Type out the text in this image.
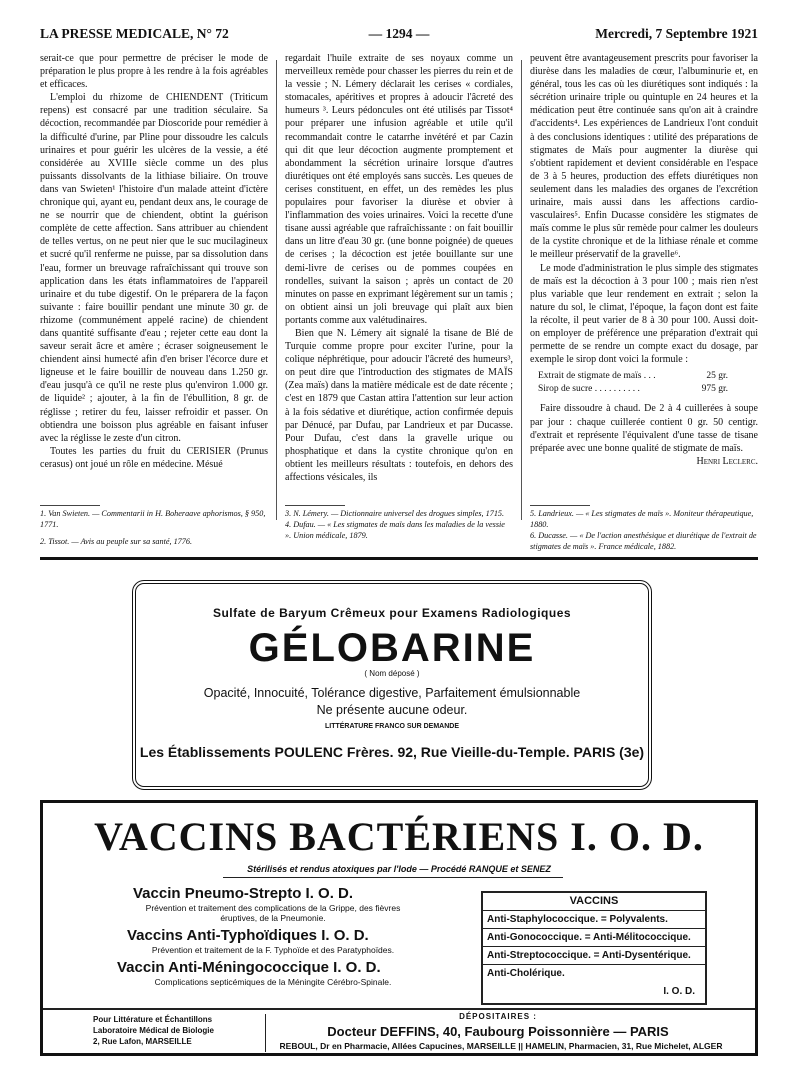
LA PRESSE MEDICALE, N° 72	— 1294 —	Mercredi, 7 Septembre 1921

serait-ce que pour permettre de préciser le mode de préparation le plus propre à les rendre à la fois agréables et efficaces.

L'emploi du rhizome de CHIENDENT (Triticum repens) est consacré par une tradition séculaire. Sa décoction, recommandée par Dioscoride pour remédier à la difficulté d'urine, par Pline pour dissoudre les calculs urinaires et pour guérir les ulcères de la vessie, a été considérée au XVIIIe siècle comme un des plus puissants dissolvants de la lithiase biliaire. On trouve dans van Swieten¹ l'histoire d'un malade atteint d'ictère chronique qui, ayant eu, pendant deux ans, le courage de ne se nourrir que de chiendent, obtint la guérison complète de cette affection. Sans attribuer au chiendent de telles vertus, on ne peut nier que le suc mucilagineux et sucré qu'il renferme ne puisse, par sa dissolution dans l'eau, former un breuvage rafraîchissant qui trouve son application dans les états inflammatoires de l'appareil urinaire et du tube digestif. On le préparera de la façon suivante : faire bouillir pendant une minute 30 gr. de rhizome (communément appelé racine) de chiendent dans quantité suffisante d'eau ; rejeter cette eau dont la saveur serait âcre et amère ; écraser soigneusement le chiendent ainsi humecté afin d'en briser l'écorce dure et ligneuse et le faire bouillir de nouveau dans 1.250 gr. d'eau jusqu'à ce qu'il ne reste plus qu'environ 1.000 gr. de liquide² ; ajouter, à la fin de l'ébullition, 8 gr. de réglisse ; retirer du feu, laisser refroidir et passer. On obtiendra une boisson plus agréable en faisant infuser avec la réglisse le zeste d'un citron.

Toutes les parties du fruit du CERISIER (Prunus cerasus) ont joué un rôle en médecine. Mésué

regardait l'huile extraite de ses noyaux comme un merveilleux remède pour chasser les pierres du rein et de la vessie ; N. Lémery déclarait les cerises « cordiales, stomacales, apéritives et propres à adoucir l'âcreté des humeurs ³. Leurs pédoncules ont été utilisés par Tissot⁴ pour préparer une infusion agréable et utile qu'il recommandait contre le catarrhe invétéré et par Cazin qui dit que leur décoction augmente promptement et abondamment la sécrétion urinaire lorsque d'autres diurétiques ont été employés sans succès. Les queues de cerises constituent, en effet, un des remèdes les plus populaires pour favoriser la diurèse et obvier à l'inflammation des voies urinaires. Voici la recette d'une tisane aussi agréable que rafraîchissante : on fait bouillir dans un litre d'eau 30 gr. (une bonne poignée) de queues de cerises ; la décoction est jetée bouillante sur une demi-livre de cerises ou de pommes coupées en rondelles, suivant la saison ; après un contact de 20 minutes on passe en exprimant légèrement sur un tamis ; on obtient ainsi un joli breuvage qui plaît aux bien portants comme aux valétudinaires.

Bien que N. Lémery ait signalé la tisane de Blé de Turquie comme propre pour exciter l'urine, pour la colique néphrétique, pour adoucir l'âcreté des humeurs³, on peut dire que l'introduction des stigmates de MAÏS (Zea maïs) dans la matière médicale est de date récente ; c'est en 1879 que Castan attira l'attention sur leur action à la fois sédative et diurétique, action confirmée depuis par Dénucé, par Dufau, par Landrieux et par Ducasse. Pour Dufau, c'est dans la gravelle urique ou phosphatique et dans la cystite chronique qu'on en obtient les meilleurs résultats : toutefois, en dehors des affections vésicales, ils

peuvent être avantageusement prescrits pour favoriser la diurèse dans les maladies de cœur, l'albuminurie et, en général, tous les cas où les diurétiques sont indiqués : la sécrétion urinaire triple ou quintuple en 24 heures et la médication peut être continuée sans qu'on ait à craindre d'accidents⁴. Les expériences de Landrieux l'ont conduit à des conclusions identiques : utilité des préparations de stigmates de Maïs pour augmenter la diurèse qui s'obtient rapidement et devient considérable en l'espace de 3 à 5 heures, production des effets diurétiques non seulement dans les maladies des organes de l'excrétion urinaire, mais aussi dans les affections cardio-vasculaires⁵. Enfin Ducasse considère les stigmates de maïs comme le plus sûr remède pour calmer les douleurs de la cystite chronique et de la lithiase rénale et comme le meilleur préservatif de la gravelle⁶.

Le mode d'administration le plus simple des stigmates de maïs est la décoction à 3 pour 100 ; mais rien n'est plus variable que leur rendement en extrait ; selon la nature du sol, le climat, l'époque, la façon dont est faite la récolte, il peut varier de 8 à 30 pour 100. Aussi doit-on employer de préférence une préparation d'extrait qui permette de se rendre un compte exact du dosage, par exemple le sirop dont voici la formule :

Extrait de stigmate de maïs . . .	25 gr.
Sirop de sucre . . . . . . . . . .	975 gr.

Faire dissoudre à chaud. De 2 à 4 cuillerées à soupe par jour : chaque cuillerée contient 0 gr. 50 centigr. d'extrait et représente l'équivalent d'une tasse de tisane préparée avec une bonne qualité de stigmate de maïs.

Henri Leclerc.

1. Van Swieten. — Commentarii in H. Boheraave aphorismos, § 950, 1771.
2. Tissot. — Avis au peuple sur sa santé, 1776.
3. N. Lémery. — Dictionnaire universel des drogues simples, 1715.
4. Dufau. — « Les stigmates de maïs dans les maladies de la vessie ». Union médicale, 1879.
5. Landrieux. — « Les stigmates de maïs ». Moniteur thérapeutique, 1880.
6. Ducasse. — « De l'action anesthésique et diurétique de l'extrait de stigmates de maïs ». France médicale, 1882.
Sulfate de Baryum Crêmeux pour Examens Radiologiques
GÉLOBARINE
( Nom déposé )
Opacité, Innocuité, Tolérance digestive, Parfaitement émulsionnable
Ne présente aucune odeur.
LITTÉRATURE FRANCO SUR DEMANDE
Les Établissements POULENC Frères. 92, Rue Vieille-du-Temple. PARIS (3e)
VACCINS BACTÉRIENS I. O. D.
Stérilisés et rendus atoxiques par l'Iode — Procédé RANQUE et SENEZ
Vaccin Pneumo-Strepto I. O. D.
Prévention et traitement des complications de la Grippe, des fièvres éruptives, de la Pneumonie.
Vaccins Anti-Typhoïdiques I. O. D.
Prévention et traitement de la F. Typhoïde et des Paratyphoïdes.
Vaccin Anti-Méningococcique I. O. D.
Complications septicémiques de la Méningite Cérébro-Spinale.
VACCINS
Anti-Staphylococcique. = Polyvalents.
Anti-Gonococcique. = Anti-Mélitococcique.
Anti-Streptococcique. = Anti-Dysentérique.
Anti-Cholérique.
I. O. D.
Pour Littérature et Échantillons
Laboratoire Médical de Biologie
2, Rue Lafon, MARSEILLE
DÉPOSITAIRES :
Docteur DEFFINS, 40, Faubourg Poissonnière — PARIS
REBOUL, Dr en Pharmacie, Allées Capucines, MARSEILLE || HAMELIN, Pharmacien, 31, Rue Michelet, ALGER
